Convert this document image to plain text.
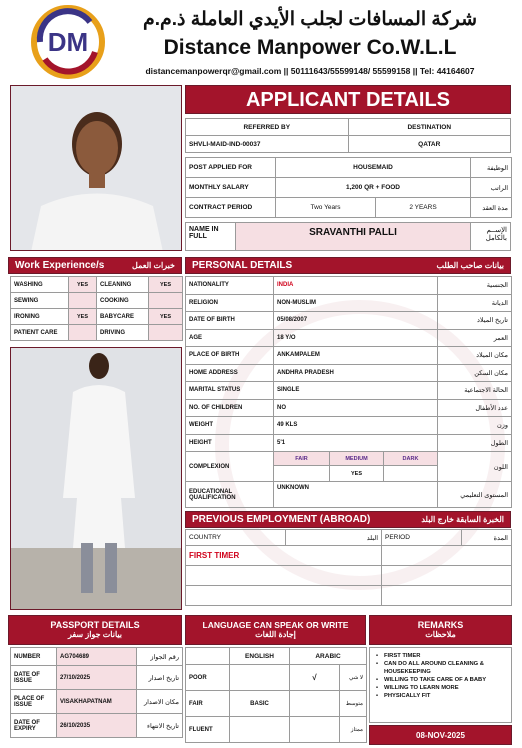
DM
شركة المسافات لجلب الأيدي العاملة ذ.م.م
Distance Manpower Co.W.L.L
distancemanpowerqr@gmail.com || 50111643/55599148/ 55599158 || Tel: 44164607
APPLICANT DETAILS
REFERRED BY	DESTINATION
SHVLI-MAID-IND-00037	QATAR
POST APPLIED FOR	HOUSEMAID		الوظيفة
MONTHLY SALARY	1,200 QR + FOOD		الراتب
CONTRACT PERIOD	Two Years	2 YEARS	مدة العقد
NAME IN FULL	SRAVANTHI PALLI	الإســم بالكامل
Work Experience/s	خبرات العمل
WASHING	YES	CLEANING	YES
SEWING		COOKING	
IRONING	YES	BABYCARE	YES
PATIENT CARE		DRIVING	
PERSONAL DETAILS	بيانات صاحب الطلب
NATIONALITY	INDIA			الجنسية
RELIGION	NON-MUSLIM			الديانة
DATE OF BIRTH	05/08/2007			تاريخ الميلاد
AGE	18 Y/O			العمر
PLACE OF BIRTH	ANKAMPALEM			مكان الميلاد
HOME ADDRESS	ANDHRA PRADESH			مكان السكن
MARITAL STATUS	SINGLE			الحالة الاجتماعية
NO. OF CHILDREN	NO			عدد الأطفال
WEIGHT	49 KLS			وزن
HEIGHT	5'1			الطول
COMPLEXION	FAIR	MEDIUM	DARK	اللون
		YES		
EDUCATIONAL QUALIFICATION	UNKNOWN			المستوى التعليمي
PREVIOUS EMPLOYMENT (ABROAD)	الخبرة السابقة خارج البلد
COUNTRY	البلد	PERIOD	المدة
FIRST TIMER			

PASSPORT DETAILS
بيانات جواز سفر
NUMBER	AG704689	رقم الجواز
DATE OF ISSUE	27/10/2025	تاريخ اصدار
PLACE OF ISSUE	VISAKHAPATNAM	مكان الاصدار
DATE OF EXPIRY	26/10/2035	تاريخ الانتهاء
LANGUAGE CAN SPEAK OR WRITE
إجادة اللغات
	ENGLISH	ARABIC	
POOR		√	لا شي
FAIR	BASIC		متوسط
FLUENT			ممتاز
REMARKS
ملاحظات
• FIRST TIMER
• CAN DO ALL AROUND CLEANING & HOUSEKEEPING
• WILLING TO TAKE CARE OF A BABY
• WILLING TO LEARN MORE
• PHYSICALLY FIT
08-NOV-2025
